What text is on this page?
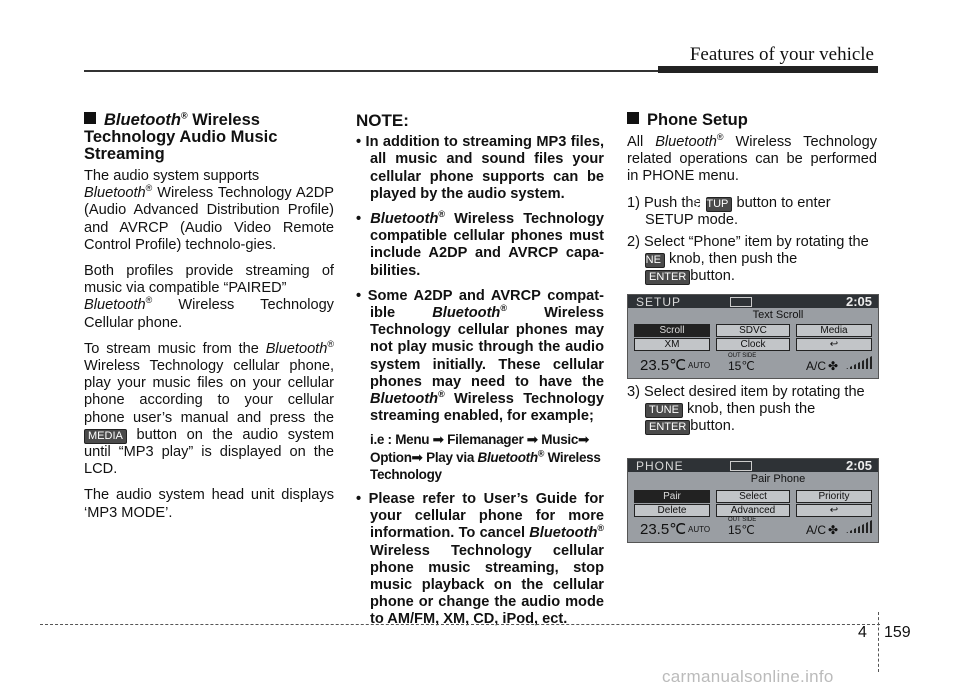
Features of your vehicle
Bluetooth® Wireless Technology Audio Music Streaming

The audio system supports
Bluetooth® Wireless Technology A2DP (Audio Advanced Distribution Profile) and AVRCP (Audio Video Remote Control Profile) technolo-gies.

Both profiles provide streaming of music via compatible “PAIRED”
Bluetooth® Wireless Technology Cellular phone.

To stream music from the Bluetooth® Wireless Technology cellular phone, play your music files on your cellular phone according to your cellular phone user’s manual and press the MEDIA button on the audio system until “MP3 play” is displayed on the LCD.

The audio system head unit displays ‘MP3 MODE’.

NOTE:
• In addition to streaming MP3 files, all music and sound files your cellular phone supports can be played by the audio system.
• Bluetooth® Wireless Technology compatible cellular phones must include A2DP and AVRCP capa-bilities.
• Some A2DP and AVRCP compat-ible	Bluetooth®	Wireless Technology cellular phones may not play music through the audio system initially. These cellular phones may need to have the Bluetooth® Wireless Technology streaming enabled, for example;
i.e : Menu ➟ Filemanager ➟ Music➟ Option➟ Play via Bluetooth® Wireless Technology
• Please refer to User’s Guide for your cellular phone for more information. To cancel Bluetooth® Wireless Technology cellular phone music streaming, stop music playback on the cellular phone or change the audio mode to AM/FM, XM, CD, iPod, ect.
Phone Setup

All Bluetooth® Wireless Technology related operations can be performed in PHONE menu.

1) Push the SETUP button to enter SETUP mode.
2) Select “Phone” item by rotating the TUNE knob, then push the
ENTER button.
3) Select desired item by rotating the
TUNE knob, then push the
ENTER button.
SETUP	2:05
Text Scroll
Scroll	SDVC	Media
XM	Clock	↩
23.5℃ AUTO
OUT SIDE
15℃	A/C ✤
PHONE	2:05
Pair Phone
Pair	Select	Priority
Delete	Advanced	↩
23.5℃ AUTO
OUT SIDE
15℃	A/C ✤
4 159
carmanualsonline.info
